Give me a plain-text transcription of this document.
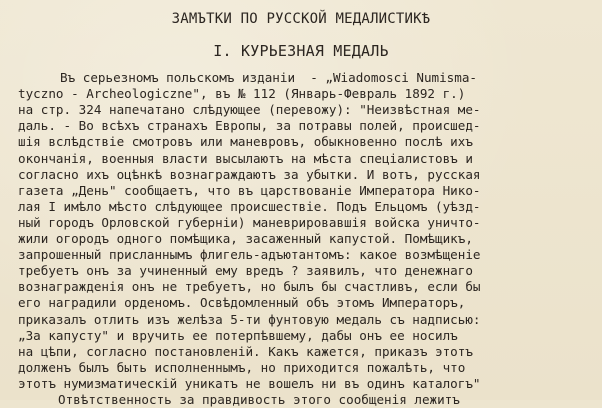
ЗАМЪТКИ ПО РУССКОЙ МЕДАЛИСТИКѢ
I. КУРЬЕЗНАЯ МЕДАЛЬ
Въ серьезномъ польскомъ изданіи  - „Wiadomosci Numisma-
tyczno - Archeologiczne", въ № 112 (Январь-Февраль 1892 г.)
на стр. 324 напечатано слѣдующее (перевожу): "Неизвѣстная ме-
даль. - Во всѣхъ странахъ Европы, за потравы полей, происшед-
шія вслѣдствіе смотровъ или маневровъ, обыкновенно послѣ ихъ
окончанія, военныя власти высылаютъ на мѣста спеціалистовъ и
согласно ихъ оцѣнкѣ вознаграждаютъ за убытки. И вотъ, русская
газета „День" сообщаетъ, что въ царствованіе Императора Нико-
лая I имѣло мѣсто слѣдующее происшествіе. Подъ Ельцомъ (уѣзд-
ный городъ Орловской губерніи) маневрировавшія войска уничто-
жили огородъ одного помѣщика, засаженный капустой. Помѣщикъ,
запрошенный присланнымъ флигель-адъютантомъ: какое возмѣщеніе
требуетъ онъ за учиненный ему вредъ ? заявилъ, что денежнаго
вознагражденія онъ не требуетъ, но былъ бы счастливъ, если бы
его наградили орденомъ. Освѣдомленный объ этомъ Императоръ,
приказалъ отлить изъ желѣза 5-ти фунтовую медаль съ надписью:
„За капусту" и вручить ее потерпѣвшему, дабы онъ ее носилъ
на цѣпи, согласно постановленій. Какъ кажется, приказъ этотъ
долженъ былъ быть исполненнымъ, но приходится пожалѣть, что
этотъ нумизматическій уникатъ не вошелъ ни въ одинъ каталогъ"
Отвѣтственность за правдивость этого сообщенія лежитъ
